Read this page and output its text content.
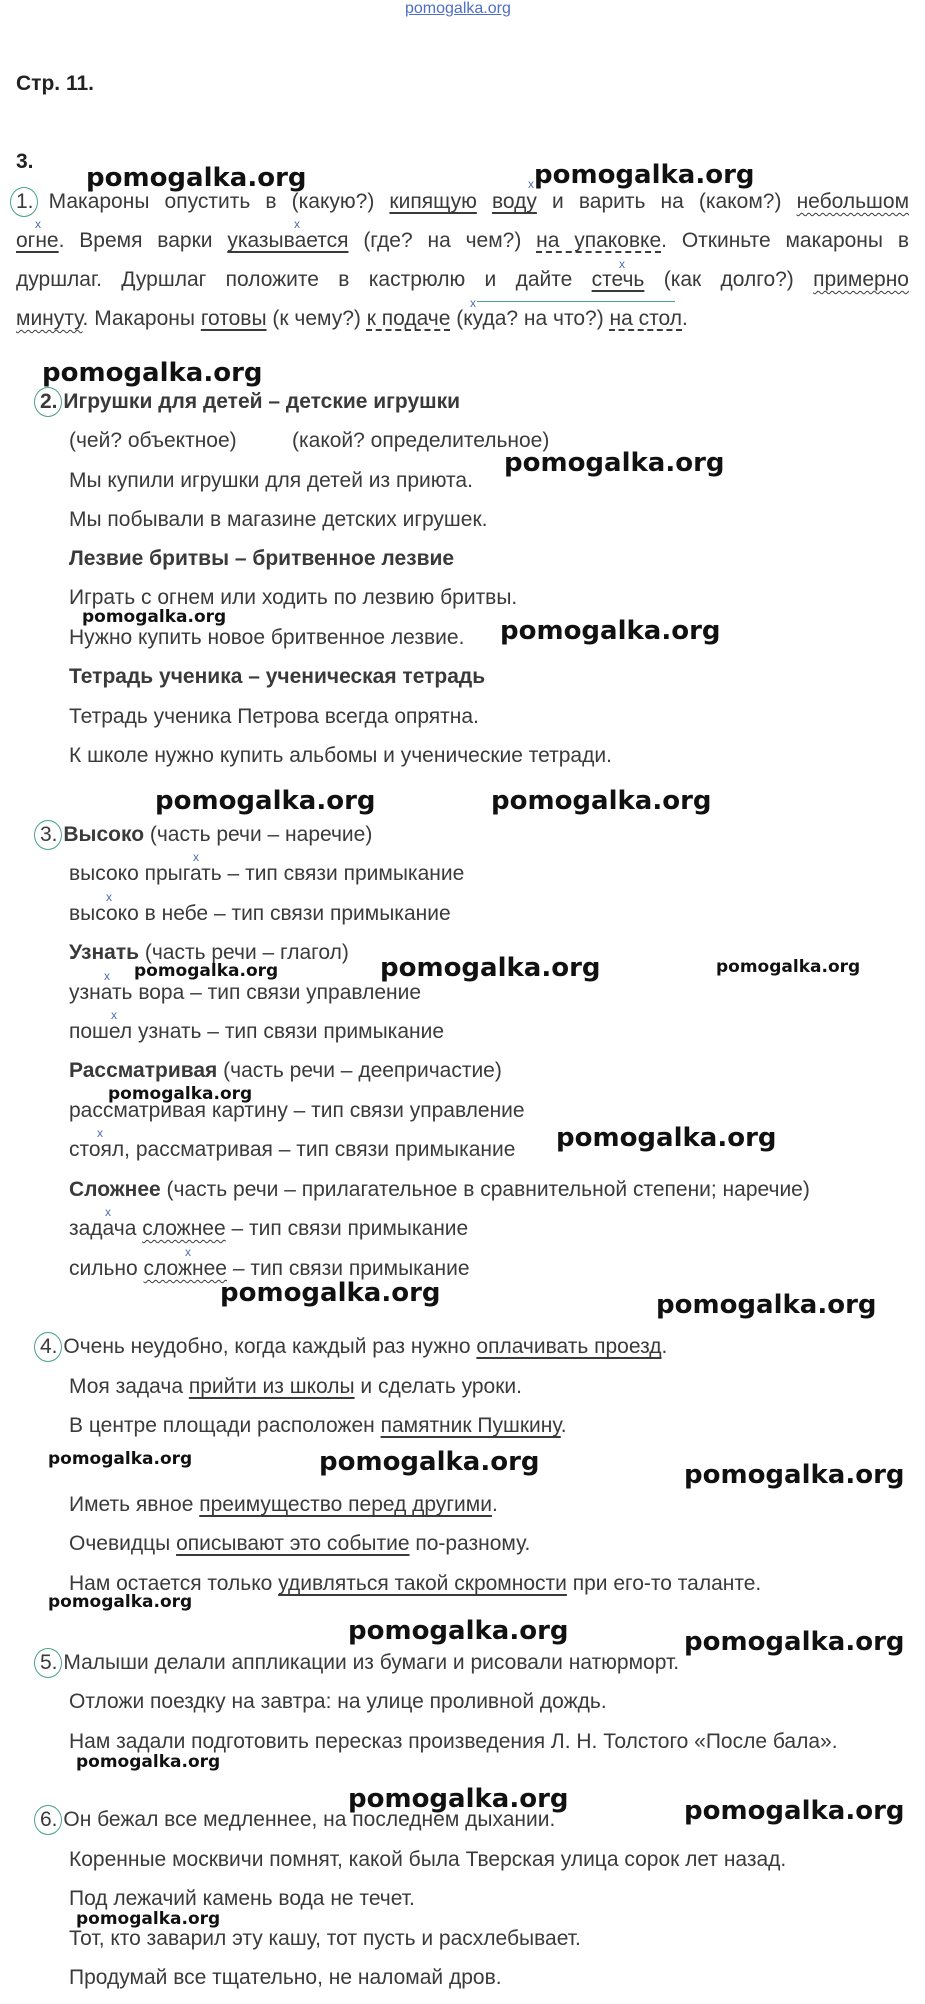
pomogalka.org
Стр. 11.
3.
1. Макароны опустить в (какую?) кипящую воду и варить на (каком?) небольшом
огне. Время варки указывается (где? на чем?) на упаковке. Откиньте макароны в
дуршлаг. Дуршлаг положите в кастрюлю и дайте стечь (как долго?) примерно
минуту. Макароны готовы (к чему?) к подаче (куда? на что?) на стол.
2. Игрушки для детей – детские игрушки
(чей? объектное)	(какой? определительное)
Мы купили игрушки для детей из приюта.
Мы побывали в магазине детских игрушек.
Лезвие бритвы – бритвенное лезвие
Играть с огнем или ходить по лезвию бритвы.
Нужно купить новое бритвенное лезвие.
Тетрадь ученика – ученическая тетрадь
Тетрадь ученика Петрова всегда опрятна.
К школе нужно купить альбомы и ученические тетради.
3. Высоко (часть речи – наречие)
высоко прыгать – тип связи примыкание
высоко в небе – тип связи примыкание
Узнать (часть речи – глагол)
узнать вора – тип связи управление
пошел узнать – тип связи примыкание
Рассматривая (часть речи – деепричастие)
рассматривая картину – тип связи управление
стоял, рассматривая – тип связи примыкание
Сложнее (часть речи – прилагательное в сравнительной степени; наречие)
задача сложнее – тип связи примыкание
сильно сложнее – тип связи примыкание
4. Очень неудобно, когда каждый раз нужно оплачивать проезд.
Моя задача прийти из школы и сделать уроки.
В центре площади расположен памятник Пушкину.
Иметь явное преимущество перед другими.
Очевидцы описывают это событие по-разному.
Нам остается только удивляться такой скромности при его-то таланте.
5. Малыши делали аппликации из бумаги и рисовали натюрморт.
Отложи поездку на завтра: на улице проливной дождь.
Нам задали подготовить пересказ произведения Л. Н. Толстого «После бала».
6. Он бежал все медленнее, на последнем дыхании.
Коренные москвичи помнят, какой была Тверская улица сорок лет назад.
Под лежачий камень вода не течет.
Тот, кто заварил эту кашу, тот пусть и расхлебывает.
Продумай все тщательно, не наломай дров.
x
x	x
x
x
x
x
x
x
x
x
x
pomogalka.org	pomogalka.org
pomogalka.org
pomogalka.org
pomogalka.org	pomogalka.org
pomogalka.org	pomogalka.org
pomogalka.org	pomogalka.org
pomogalka.org
pomogalka.org
pomogalka.org
pomogalka.org	pomogalka.org
pomogalka.org	pomogalka.org	pomogalka.org
pomogalka.org
pomogalka.org	pomogalka.org
pomogalka.org
pomogalka.org	pomogalka.org
pomogalka.org
